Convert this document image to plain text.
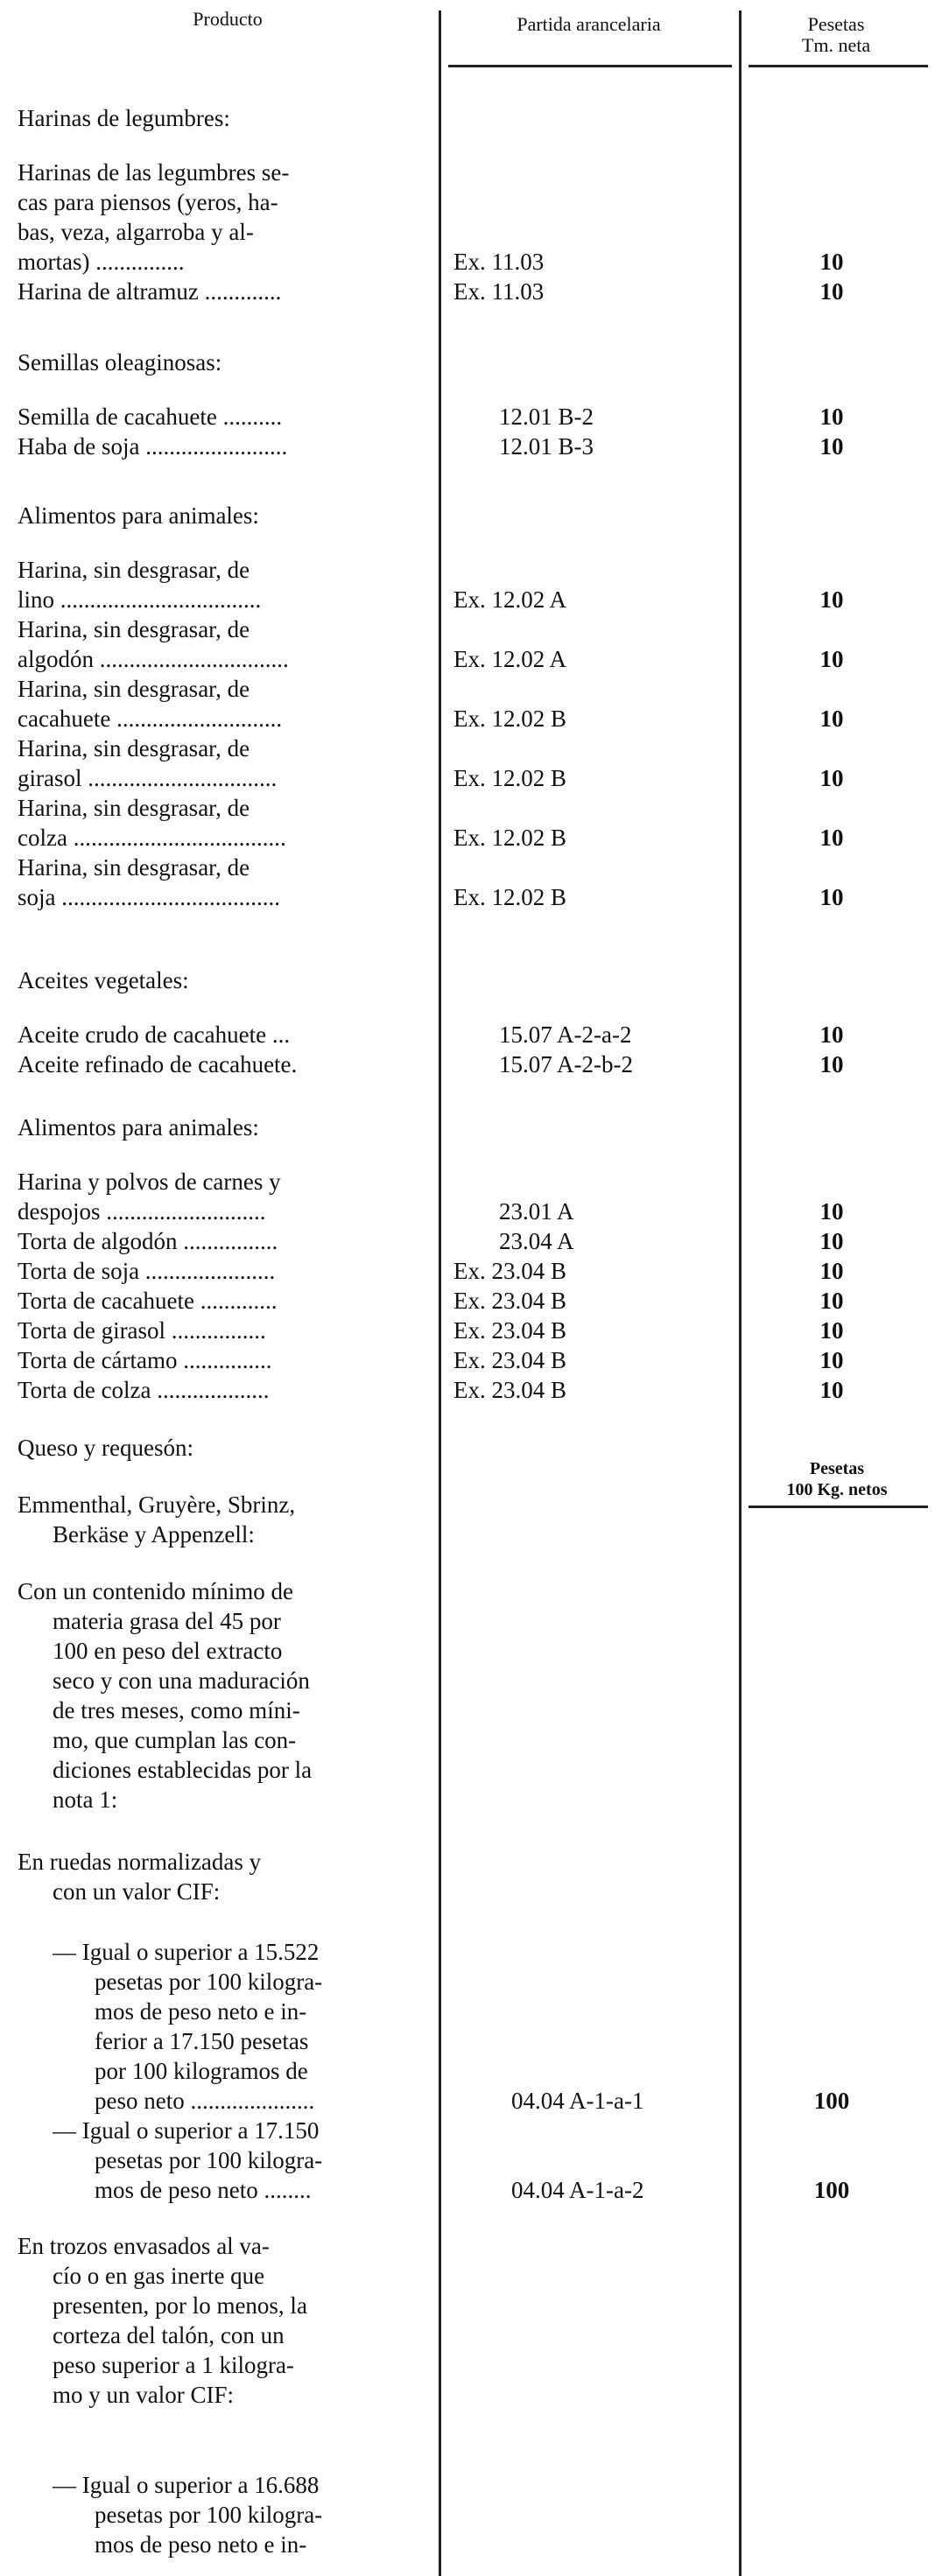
Producto	Partida arancelaria	Pesetas
Tm. neta
Harinas de legumbres:
Harinas de las legumbres se-
cas para piensos (yeros, ha-
bas, veza, algarroba y al-
mortas) ...............	Ex. 11.03	10
Harina de altramuz .............	Ex. 11.03	10
Semillas oleaginosas:
Semilla de cacahuete ..........	12.01 B-2	10
Haba de soja ........................	12.01 B-3	10
Alimentos para animales:
Harina, sin desgrasar, de
lino ..................................	Ex. 12.02 A	10
Harina, sin desgrasar, de
algodón ................................	Ex. 12.02 A	10
Harina, sin desgrasar, de
cacahuete ............................	Ex. 12.02 B	10
Harina, sin desgrasar, de
girasol ................................	Ex. 12.02 B	10
Harina, sin desgrasar, de
colza ....................................	Ex. 12.02 B	10
Harina, sin desgrasar, de
soja .....................................	Ex. 12.02 B	10
Aceites vegetales:
Aceite crudo de cacahuete ...	15.07 A-2-a-2	10
Aceite refinado de cacahuete.	15.07 A-2-b-2	10
Alimentos para animales:
Harina y polvos de carnes y
despojos ...........................	23.01 A	10
Torta de algodón ................	23.04 A	10
Torta de soja ......................	Ex. 23.04 B	10
Torta de cacahuete .............	Ex. 23.04 B	10
Torta de girasol ................	Ex. 23.04 B	10
Torta de cártamo ...............	Ex. 23.04 B	10
Torta de colza ...................	Ex. 23.04 B	10
Queso y requesón:
Pesetas
100 Kg. netos
Emmenthal, Gruyère, Sbrinz,
Berkäse y Appenzell:
Con un contenido mínimo de
materia grasa del 45 por
100 en peso del extracto
seco y con una maduración
de tres meses, como míni-
mo, que cumplan las con-
diciones establecidas por la
nota 1:
En ruedas normalizadas y
con un valor CIF:
— Igual o superior a 15.522
pesetas por 100 kilogra-
mos de peso neto e in-
ferior a 17.150 pesetas
por 100 kilogramos de
peso neto .....................	04.04 A-1-a-1	100
— Igual o superior a 17.150
pesetas por 100 kilogra-
mos de peso neto ........	04.04 A-1-a-2	100
En trozos envasados al va-
cío o en gas inerte que
presenten, por lo menos, la
corteza del talón, con un
peso superior a 1 kilogra-
mo y un valor CIF:
— Igual o superior a 16.688
pesetas por 100 kilogra-
mos de peso neto e in-
